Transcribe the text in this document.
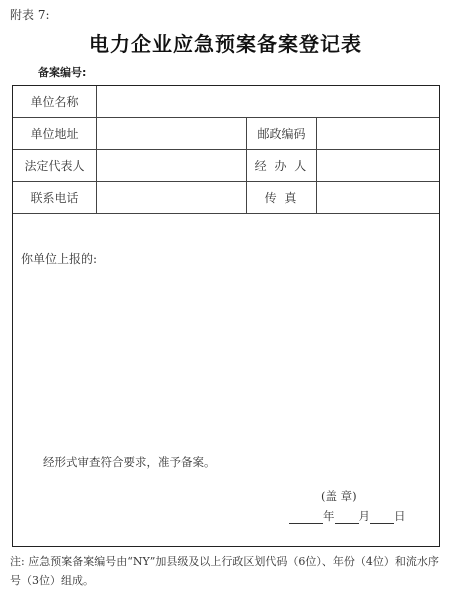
附表 7:
电力企业应急预案备案登记表
备案编号:
单位名称
单位地址	邮政编码
法定代表人	经 办 人
联系电话	传 真
你单位上报的:
经形式审查符合要求，准予备案。
(盖 章)
年 月 日
注: 应急预案备案编号由“NY”加县级及以上行政区划代码（6位）、年份（4位）和流水序号（3位）组成。
